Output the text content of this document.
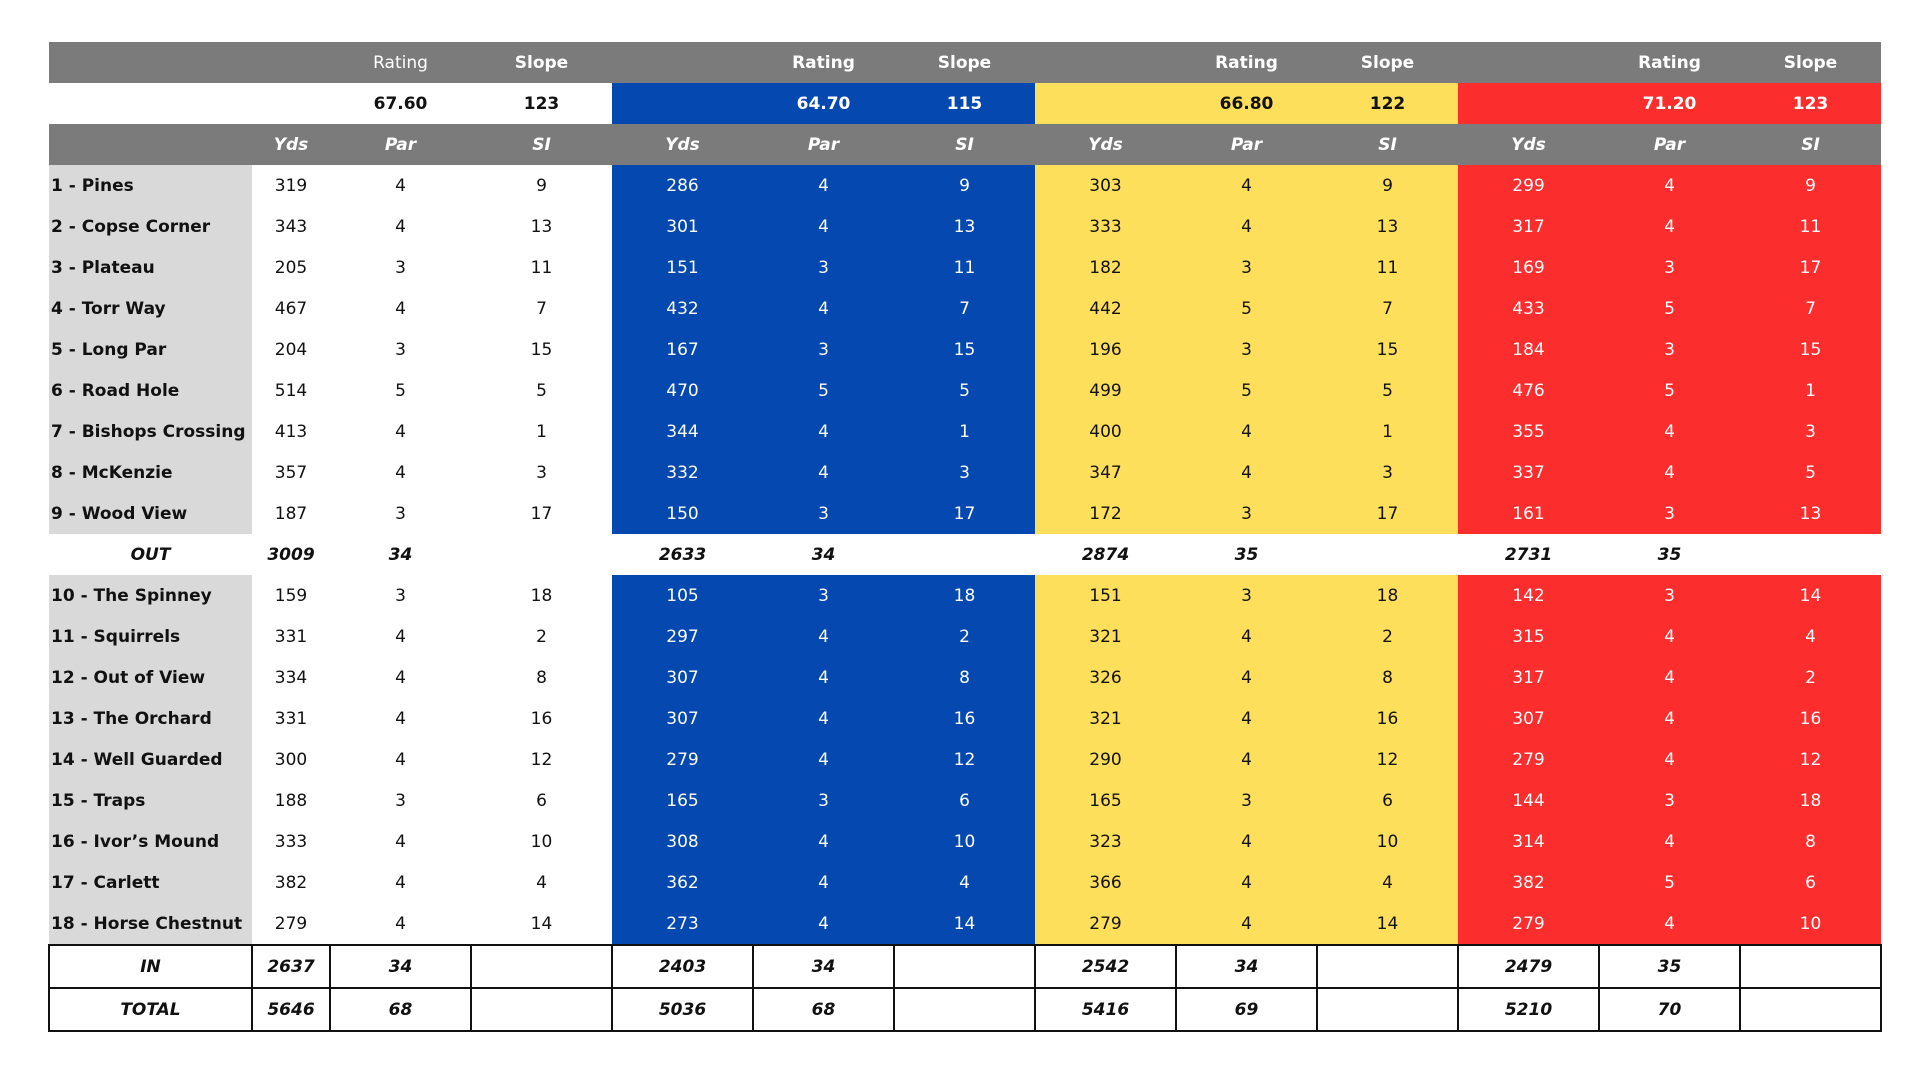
		Rating	Slope		Rating	Slope		Rating	Slope		Rating	Slope
		67.60	123		64.70	115		66.80	122		71.20	123
	Yds	Par	SI	Yds	Par	SI	Yds	Par	SI	Yds	Par	SI
1 - Pines	319	4	9	286	4	9	303	4	9	299	4	9
2 - Copse Corner	343	4	13	301	4	13	333	4	13	317	4	11
3 - Plateau	205	3	11	151	3	11	182	3	11	169	3	17
4 - Torr Way	467	4	7	432	4	7	442	5	7	433	5	7
5 - Long Par	204	3	15	167	3	15	196	3	15	184	3	15
6 - Road Hole	514	5	5	470	5	5	499	5	5	476	5	1
7 - Bishops Crossing	413	4	1	344	4	1	400	4	1	355	4	3
8 - McKenzie	357	4	3	332	4	3	347	4	3	337	4	5
9 - Wood View	187	3	17	150	3	17	172	3	17	161	3	13
OUT	3009	34		2633	34		2874	35		2731	35	
10 - The Spinney	159	3	18	105	3	18	151	3	18	142	3	14
11 - Squirrels	331	4	2	297	4	2	321	4	2	315	4	4
12 - Out of View	334	4	8	307	4	8	326	4	8	317	4	2
13 - The Orchard	331	4	16	307	4	16	321	4	16	307	4	16
14 - Well Guarded	300	4	12	279	4	12	290	4	12	279	4	12
15 - Traps	188	3	6	165	3	6	165	3	6	144	3	18
16 - Ivor’s Mound	333	4	10	308	4	10	323	4	10	314	4	8
17 - Carlett	382	4	4	362	4	4	366	4	4	382	5	6
18 - Horse Chestnut	279	4	14	273	4	14	279	4	14	279	4	10
IN	2637	34		2403	34		2542	34		2479	35	
TOTAL	5646	68		5036	68		5416	69		5210	70	
